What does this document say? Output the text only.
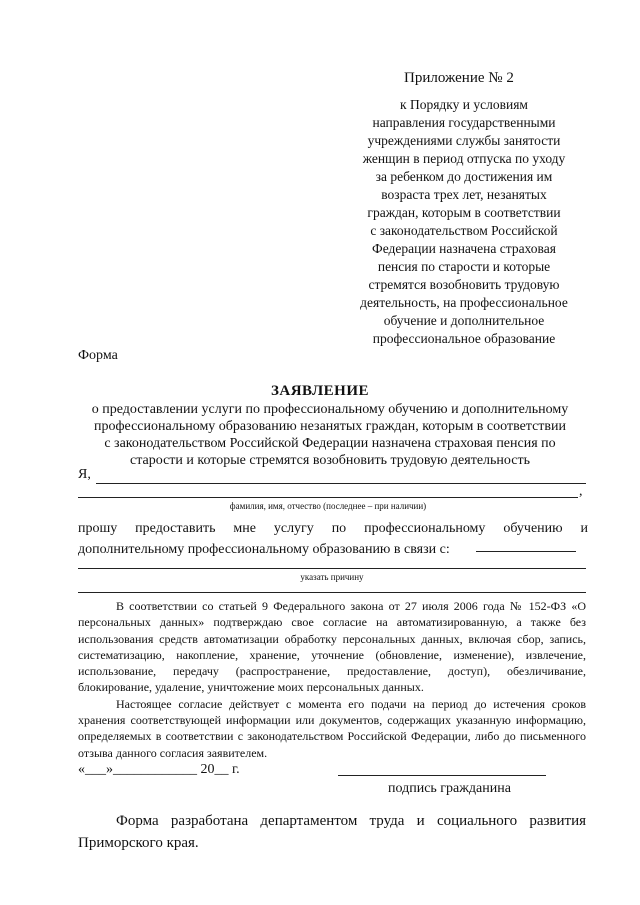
Приложение № 2
к Порядку и условиям
направления государственными
учреждениями службы занятости
женщин в период отпуска по уходу
за ребенком до достижения им
возраста трех лет, незанятых
граждан, которым в соответствии
с законодательством Российской
Федерации назначена страховая
пенсия по старости и которые
стремятся возобновить трудовую
деятельность, на профессиональное
обучение и дополнительное
профессиональное образование
Форма
ЗАЯВЛЕНИЕ
о предоставлении услуги по профессиональному обучению и дополнительному
профессиональному образованию незанятых граждан, которым в соответствии
с законодательством Российской Федерации назначена страховая пенсия по
старости и которые стремятся возобновить трудовую деятельность
Я,
,
фамилия, имя, отчество (последнее – при наличии)
прошу предоставить мне услугу по профессиональному обучению и
дополнительному профессиональному образованию в связи с:
указать причину

В соответствии со статьей 9 Федерального закона от 27 июля 2006 года № 152-ФЗ «О персональных данных» подтверждаю свое согласие на автоматизированную, а также без использования средств автоматизации обработку персональных данных, включая сбор, запись, систематизацию, накопление, хранение, уточнение (обновление, изменение), извлечение, использование, передачу (распространение, предоставление, доступ), обезличивание, блокирование, удаление, уничтожение моих персональных данных.

Настоящее согласие действует с момента его подачи на период до истечения сроков хранения соответствующей информации или документов, содержащих указанную информацию, определяемых в соответствии с законодательством Российской Федерации, либо до письменного отзыва данного согласия заявителем.

«___»____________ 20__ г.
подпись гражданина
Форма разработана департаментом труда и социального развития
Приморского края.
